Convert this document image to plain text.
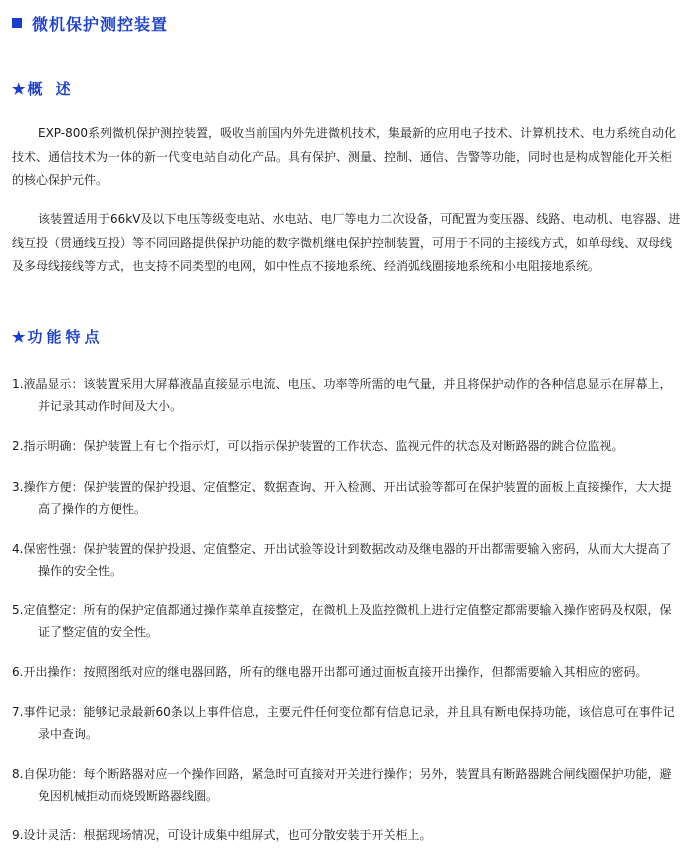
微机保护测控装置
★ 概 述

EXP-800系列微机保护测控装置，吸收当前国内外先进微机技术，集最新的应用电子技术、计算机技术、电力系统自动化技术、通信技术为一体的新一代变电站自动化产品。具有保护、测量、控制、通信、告警等功能，同时也是构成智能化开关柜的核心保护元件。

该装置适用于66kV及以下电压等级变电站、水电站、电厂等电力二次设备，可配置为变压器、线路、电动机、电容器、进线互投（贯通线互投）等不同回路提供保护功能的数字微机继电保护控制装置，可用于不同的主接线方式，如单母线、双母线及多母线接线等方式，也支持不同类型的电网，如中性点不接地系统、经消弧线圈接地系统和小电阻接地系统。

★ 功能特点
1.液晶显示：该装置采用大屏幕液晶直接显示电流、电压、功率等所需的电气量，并且将保护动作的各种信息显示在屏幕上，并记录其动作时间及大小。
2.指示明确：保护装置上有七个指示灯，可以指示保护装置的工作状态、监视元件的状态及对断路器的跳合位监视。
3.操作方便：保护装置的保护投退、定值整定、数据查询、开入检测、开出试验等都可在保护装置的面板上直接操作，大大提高了操作的方便性。
4.保密性强：保护装置的保护投退、定值整定、开出试验等设计到数据改动及继电器的开出都需要输入密码，从而大大提高了操作的安全性。
5.定值整定：所有的保护定值都通过操作菜单直接整定，在微机上及监控微机上进行定值整定都需要输入操作密码及权限，保证了整定值的安全性。
6.开出操作：按照图纸对应的继电器回路，所有的继电器开出都可通过面板直接开出操作，但都需要输入其相应的密码。
7.事件记录：能够记录最新60条以上事件信息，主要元件任何变位都有信息记录，并且具有断电保持功能，该信息可在事件记录中查询。
8.自保功能：每个断路器对应一个操作回路，紧急时可直接对开关进行操作；另外，装置具有断路器跳合闸线圈保护功能，避免因机械拒动而烧毁断路器线圈。
9.设计灵活：根据现场情况，可设计成集中组屏式，也可分散安装于开关柜上。
